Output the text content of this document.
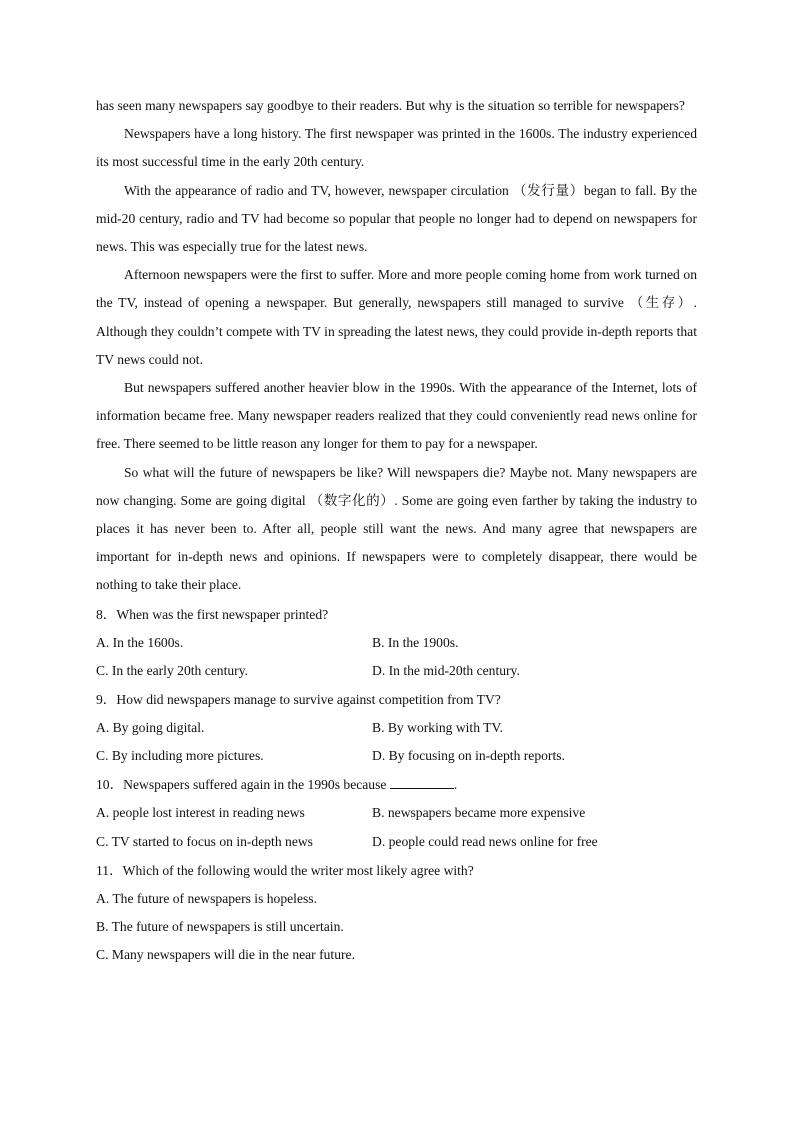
has seen many newspapers say goodbye to their readers. But why is the situation so terrible for newspapers?

Newspapers have a long history. The first newspaper was printed in the 1600s. The industry experienced its most successful time in the early 20th century.

With the appearance of radio and TV, however, newspaper circulation （发行量）began to fall. By the mid-20 century, radio and TV had become so popular that people no longer had to depend on newspapers for news. This was especially true for the latest news.

Afternoon newspapers were the first to suffer. More and more people coming home from work turned on the TV, instead of opening a newspaper. But generally, newspapers still managed to survive （生存）. Although they couldn’t compete with TV in spreading the latest news, they could provide in-depth reports that TV news could not.

But newspapers suffered another heavier blow in the 1990s. With the appearance of the Internet, lots of information became free. Many newspaper readers realized that they could conveniently read news online for free. There seemed to be little reason any longer for them to pay for a newspaper.

So what will the future of newspapers be like? Will newspapers die? Maybe not. Many newspapers are now changing. Some are going digital （数字化的）. Some are going even farther by taking the industry to places it has never been to. After all, people still want the news. And many agree that newspapers are important for in-depth news and opinions. If newspapers were to completely disappear, there would be nothing to take their place.

8．When was the first newspaper printed?
A. In the 1600s.	B. In the 1900s.
C. In the early 20th century.	D. In the mid-20th century.
9．How did newspapers manage to survive against competition from TV?
A. By going digital.	B. By working with TV.
C. By including more pictures.	D. By focusing on in-depth reports.
10．Newspapers suffered again in the 1990s because	.
A. people lost interest in reading news	B. newspapers became more expensive
C. TV started to focus on in-depth news	D. people could read news online for free
11．Which of the following would the writer most likely agree with?
A. The future of newspapers is hopeless.
B. The future of newspapers is still uncertain.
C. Many newspapers will die in the near future.
